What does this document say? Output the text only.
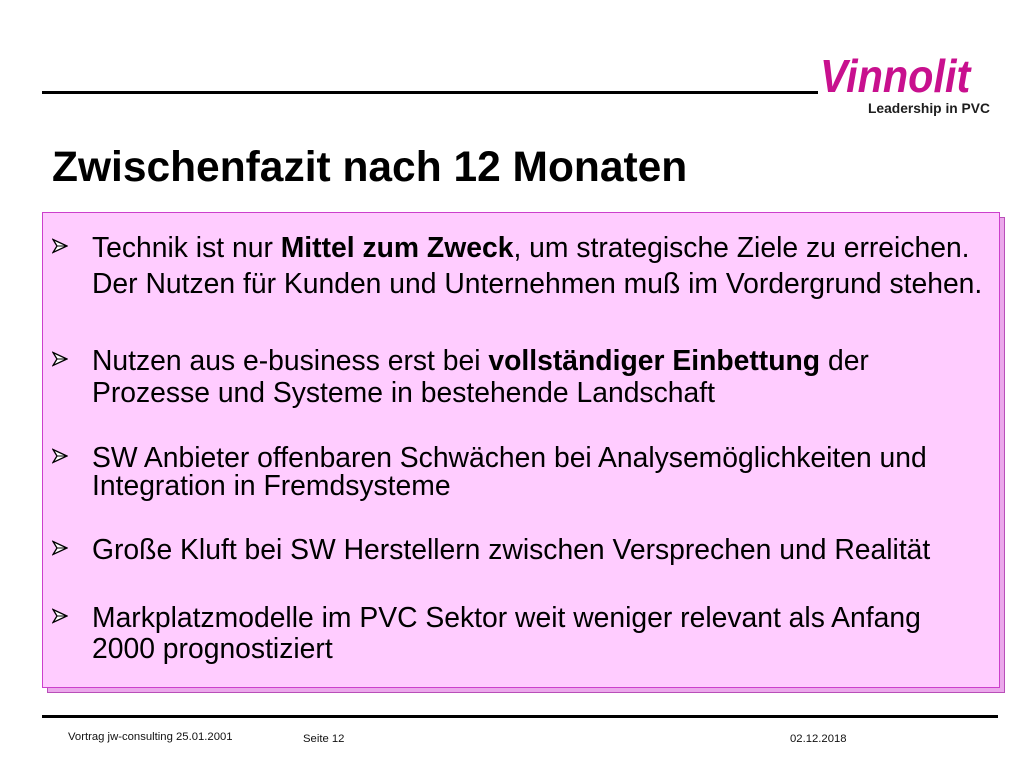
Vinnolit
Leadership in PVC
Zwischenfazit nach 12 Monaten
Technik ist nur Mittel zum Zweck, um strategische Ziele zu erreichen.
Der Nutzen für Kunden und Unternehmen muß im Vordergrund stehen.
Nutzen aus e-business erst bei vollständiger Einbettung der
Prozesse und Systeme in bestehende Landschaft
SW Anbieter offenbaren Schwächen bei Analysemöglichkeiten und
Integration in Fremdsysteme
Große Kluft bei SW Herstellern zwischen Versprechen und Realität
Markplatzmodelle im PVC Sektor weit weniger relevant als Anfang
2000 prognostiziert
Vortrag jw-consulting 25.01.2001	Seite 12	02.12.2018
